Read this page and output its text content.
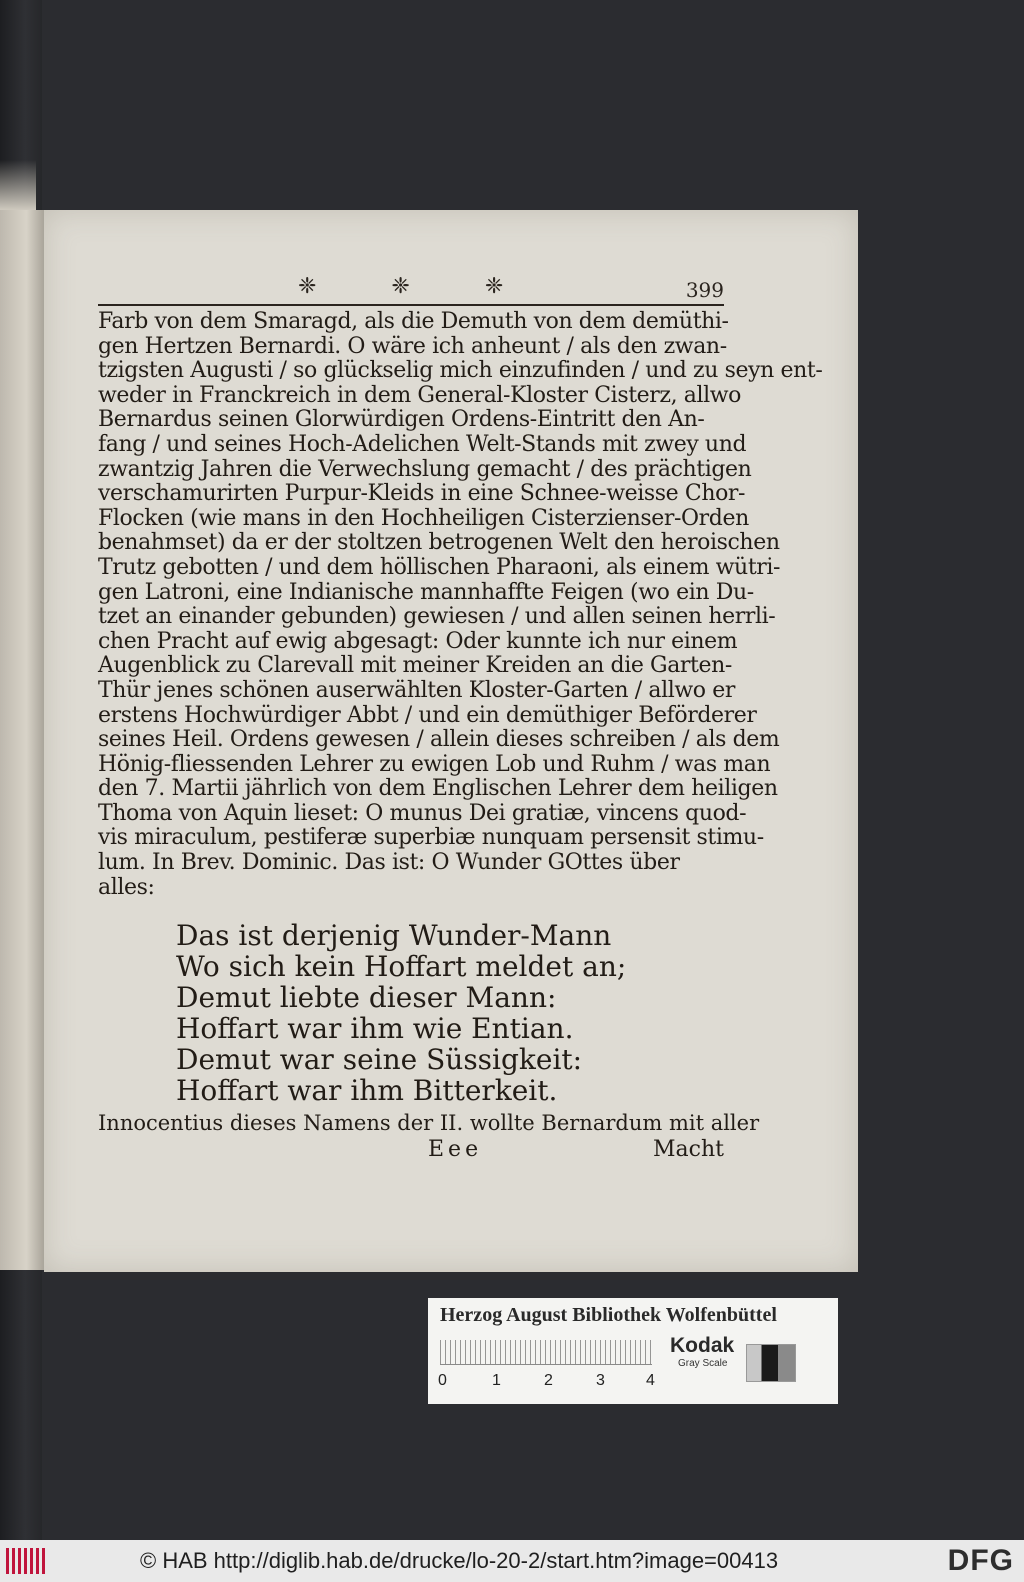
❈ ❈ ❈	399
Farb von dem Smaragd, als die Demuth von dem demüthi-
gen Hertzen Bernardi. O wäre ich anheunt / als den zwan-
tzigsten Augusti / so glückselig mich einzufinden / und zu seyn ent-
weder in Franckreich in dem General-Kloster Cisterz, allwo
Bernardus seinen Glorwürdigen Ordens-Eintritt den An-
fang / und seines Hoch-Adelichen Welt-Stands mit zwey und
zwantzig Jahren die Verwechslung gemacht / des prächtigen
verschamurirten Purpur-Kleids in eine Schnee-weisse Chor-
Flocken (wie mans in den Hochheiligen Cisterzienser-Orden
benahmset) da er der stoltzen betrogenen Welt den heroischen
Trutz gebotten / und dem höllischen Pharaoni, als einem wütri-
gen Latroni, eine Indianische mannhaffte Feigen (wo ein Du-
tzet an einander gebunden) gewiesen / und allen seinen herrli-
chen Pracht auf ewig abgesagt: Oder kunnte ich nur einem
Augenblick zu Clarevall mit meiner Kreiden an die Garten-
Thür jenes schönen auserwählten Kloster-Garten / allwo er
erstens Hochwürdiger Abbt / und ein demüthiger Beförderer
seines Heil. Ordens gewesen / allein dieses schreiben / als dem
Hönig-fliessenden Lehrer zu ewigen Lob und Ruhm / was man
den 7. Martii jährlich von dem Englischen Lehrer dem heiligen
Thoma von Aquin lieset: O munus Dei gratiæ, vincens quod-
vis miraculum, pestiferæ superbiæ nunquam persensit stimu-
lum. In Brev. Dominic. Das ist: O Wunder GOttes über
alles:
Das ist derjenig Wunder-Mann
Wo sich kein Hoffart meldet an;
Demut liebte dieser Mann:
Hoffart war ihm wie Entian.
Demut war seine Süssigkeit:
Hoffart war ihm Bitterkeit.
Innocentius dieses Namens der II. wollte Bernardum mit aller
Eee	Macht
Herzog August Bibliothek Wolfenbüttel
0	1	2	3	4
Kodak
Gray Scale
© HAB http://diglib.hab.de/drucke/lo-20-2/start.htm?image=00413	DFG
